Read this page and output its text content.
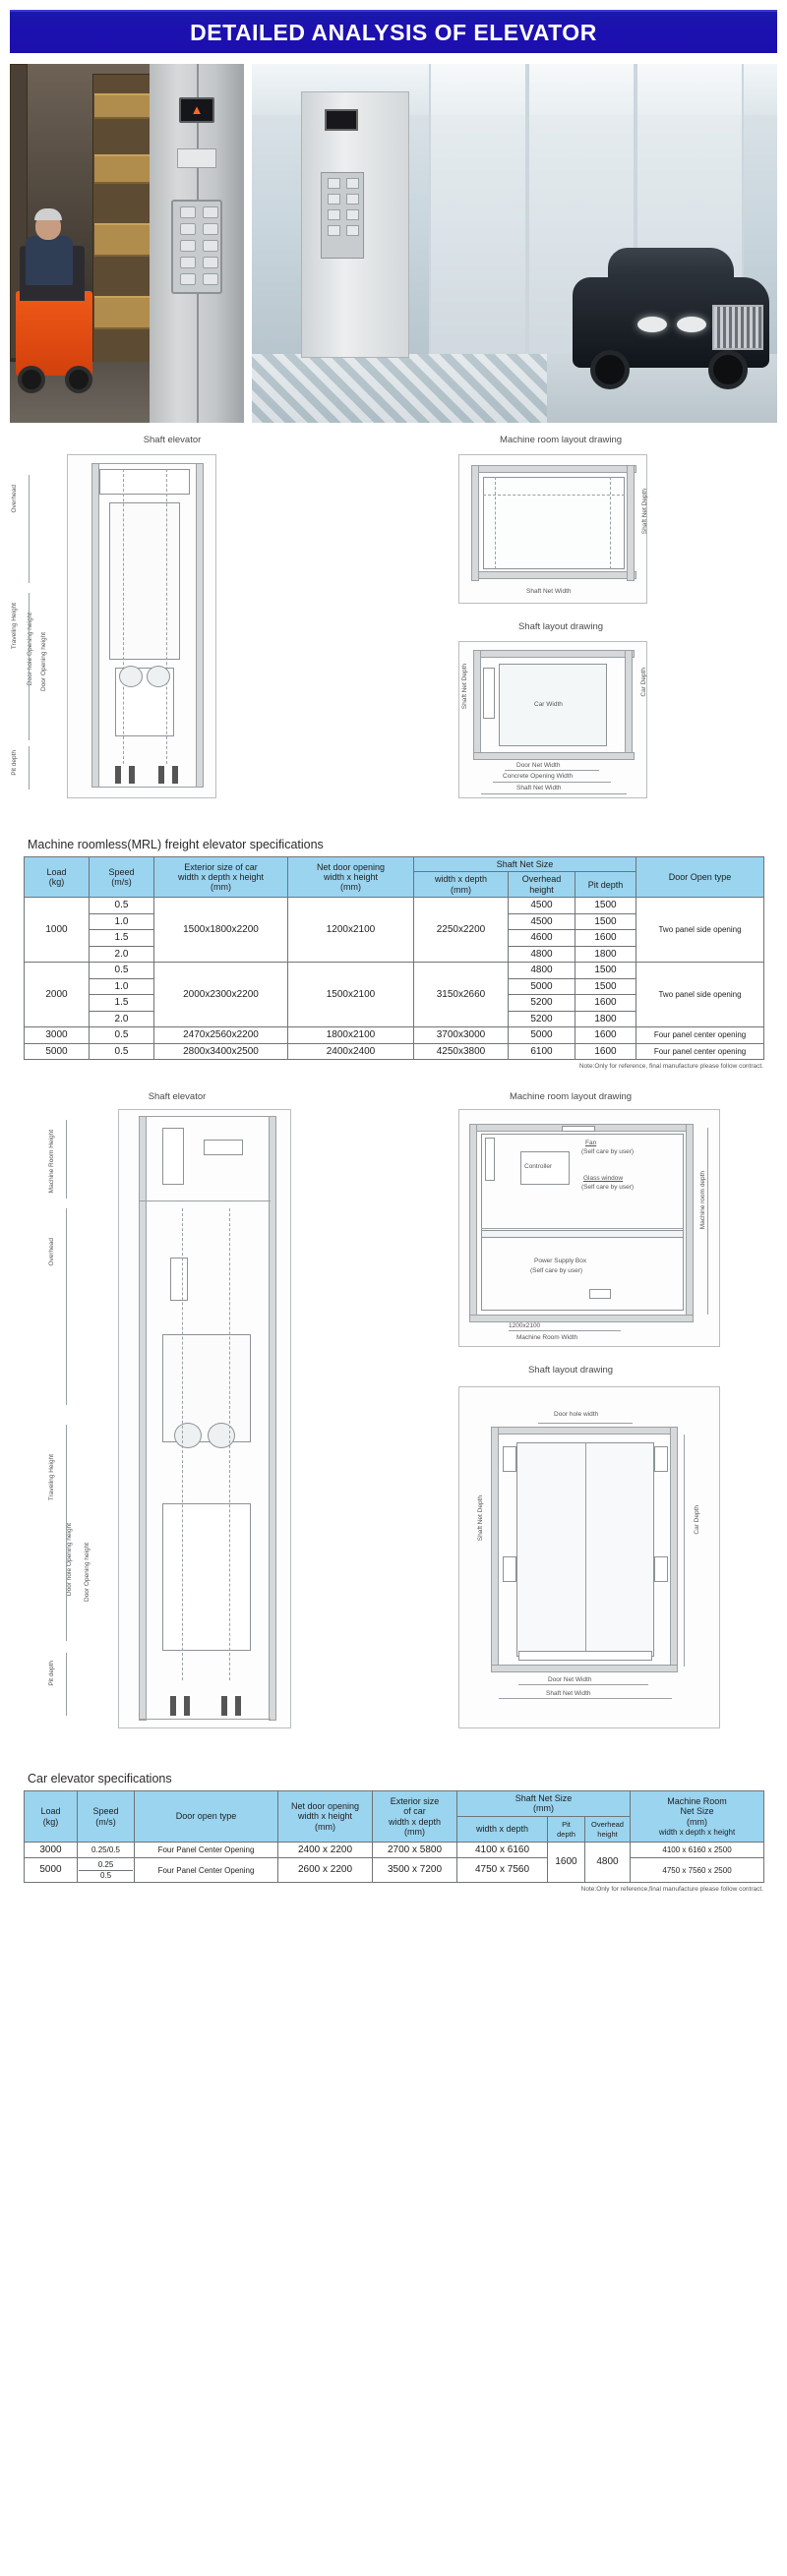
DETAILED ANALYSIS OF ELEVATOR
▲
Shaft elevator	Machine room layout drawing
Overhead
Traveling Height Door hole Opening height Door Opening height
Pit depth
Shaft Net Width
Shaft Net Depth
Shaft layout drawing
Car Width
Car Depth
Shaft Net Depth
Door Net Width
Concrete Opening Width
Shaft Net Width
Machine roomless(MRL) freight elevator specifications
Load
(kg)	Speed
(m/s)	Exterior size of car
width x depth x height
(mm)	Net door opening
width x height
(mm)	Shaft Net Size			Door Open type
				width x depth
(mm)	Overhead
height	Pit depth	
1000	0.5	1500x1800x2200	1200x2100	2250x2200	4500	1500	Two panel side opening
	1.0				4500	1500	
	1.5				4600	1600	
	2.0				4800	1800	
2000	0.5	2000x2300x2200	1500x2100	3150x2660	4800	1500	Two panel side opening
	1.0				5000	1500	
	1.5				5200	1600	
	2.0				5200	1800	
3000	0.5	2470x2560x2200	1800x2100	3700x3000	5000	1600	Four panel center opening
5000	0.5	2800x3400x2500	2400x2400	4250x3800	6100	1600	Four panel center opening
Note:Only for reference, final manufacture please follow contract.
Shaft elevator	Machine room layout drawing
Machine Room Height
Overhead
Traveling Height
Door hole Opening height Door Opening height
Pit depth
Fan
(Self care by user)
Controller
Glass window
(Self care by user)
Power Supply Box
(Self care by user)
1200x2100
Machine Room Width
Machine room depth
Shaft layout drawing
Door hole width
Shaft Net Depth	Car Depth
Door Net Width
Shaft Net Width
Car elevator specifications
Load
(kg)	Speed
(m/s)	Door open type	Net door opening
width x height
(mm)	Exterior size
of car
width x depth
(mm)	Shaft Net Size
(mm)			Machine Room
Net Size
(mm)
width x depth x height
					width x depth	Pit
depth	Overhead
height	
3000	0.25/0.5	Four Panel Center Opening	2400 x 2200	2700 x 5800	4100 x 6160	1600	4800	4100 x 6160 x 2500
5000	0.25
0.5	Four Panel Center Opening	2600 x 2200	3500 x 7200	4750 x 7560			4750 x 7560 x 2500
Note:Only for reference,final manufacture please follow contract.
